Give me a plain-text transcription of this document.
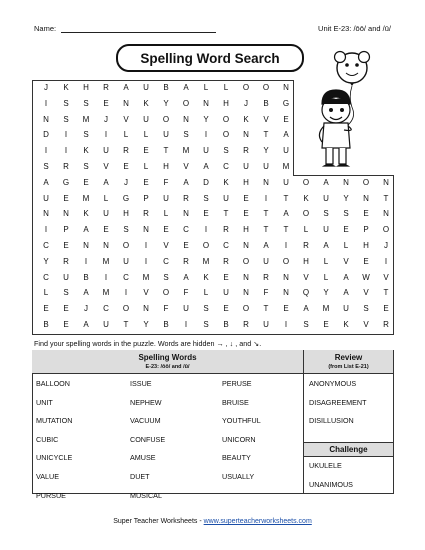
Name:	Unit E-23: /ōō/ and /ū/
Spelling Word Search
J	K	H	R	A	U	B	A	L	L	O	O	N
I	S	S	E	N	K	Y	O	N	H	J	B	G
N	S	M	J	V	U	O	N	Y	O	K	V	E
D	I	S	I	L	L	U	S	I	O	N	T	A
I	I	K	U	R	E	T	M	U	S	R	Y	U
S	R	S	V	E	L	H	V	A	C	U	U	M
A	G	E	A	J	E	F	A	D	K	H	N	U	O	A	N	O	N
U	E	M	L	G	P	U	R	S	U	E	I	T	K	U	Y	N	T
N	N	K	U	H	R	L	N	E	T	E	T	A	O	S	S	E	N
I	P	A	E	S	N	E	C	I	R	H	T	T	L	U	E	P	O
C	E	N	N	O	I	V	E	O	C	N	A	I	R	A	L	H	J
Y	R	I	M	U	I	C	R	M	R	O	U	O	H	L	V	E	I
C	U	B	I	C	M	S	A	K	E	N	R	N	V	L	A	W	V
L	S	A	M	I	V	O	F	L	U	N	F	N	Q	Y	A	V	T
E	E	J	C	O	N	F	U	S	E	O	T	E	A	M	U	S	E
B	E	A	U	T	Y	B	I	S	B	R	U	I	S	E	K	V	R
Find your spelling words in the puzzle. Words are hidden → , ↓ , and ↘.
Spelling Words
E-23: /ōō/ and /ū/
Review
(from List E-21)
Challenge
BALLOON
UNIT
MUTATION
CUBIC
UNICYCLE
VALUE
PURSUE
ISSUE
NEPHEW
VACUUM
CONFUSE
AMUSE
DUET
MUSICAL
PERUSE
BRUISE
YOUTHFUL
UNICORN
BEAUTY
USUALLY
ANONYMOUS
DISAGREEMENT
DISILLUSION
UKULELE
UNANIMOUS
Super Teacher Worksheets - www.superteacherworksheets.com
